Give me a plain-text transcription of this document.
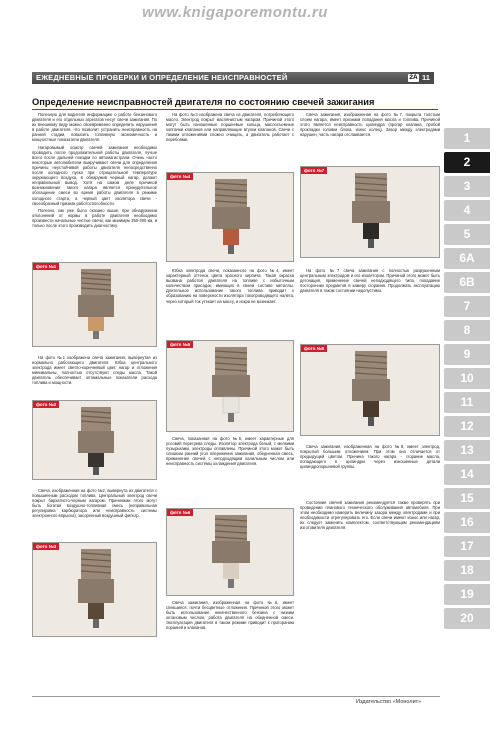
www.knigaporemontu.ru
ЕЖЕДНЕВНЫЕ ПРОВЕРКИ И ОПРЕДЕЛЕНИЕ НЕИСПРАВНОСТЕЙ	11
2A
Определение неисправностей двигателя по состоянию свечей зажигания

Полезную для водителя информацию о работе бензинового двигателя и его отдельных агрегатов несут свечи зажигания. По их внешнему виду можно своевременно определить нарушения в работе двигателя, что позволит устранить неисправность на ранней стадии, повысить топливную экономичность и мощностные показатели двигателя.

Нагаровывый осмотр свечей зажигания необходимо проводить после продолжительной работы двигателя, лучше всего после дальней поездки по автомагистрали. Очень часто некоторые автолюбители выкручивают свечи для определения причины неустойчивой работы двигателя непосредственно после холодного пуска при отрицательной температуре окружающего воздуха, в обнаружив черный нагар, делают неправильный вывод. Хотя на самом деле причиной возникновения такого нагара является принудительное обогащение смеси во время работы двигателя в режиме холодного старта, а черный цвет изолятора свечи - своеобразный признак работоспособности.

Полезно, как уже было сказано выше, при обнаружении отклонений от нормы в работе двигателя необходимо произвести начальные чистые свечи, как минимум 250-300 км, и только после этого производить диагностику.

фото №1

На фото №1 изображена свеча зажигания, вывернутая из нормально работающего двигателя. Юбка центрального электрода имеет светло-коричневый цвет, нагар и отложения минимальны, полностью отсутствуют следы масла. Такой двигатель обеспечивает оптимальные показатели расхода топлива и мощности.

фото №2

Свеча, изображенная на фото №2, вывернута из двигателя с повышенным расходом топлива. Центральный электрод свечи покрыт бархатисто-черным нагаром. Причинами этого могут быть богатая воздушно-топливная смесь (неправильная регулировка карбюратора или неисправность системы электронного впрыска), засоренный воздушный фильтр.

фото №3

На фото №3 изображена свеча из двигателя, потребляющего масло. Электрод покрыт маслянистым нагаром. Причиной этого могут быть изношенные поршневые кольца, маслосъемные колпачки клапанов или направляющие втулки клапанов. Свечи с такими отложениями сложно очищать, а двигатель работает с перебоями.

фото №4

Юбка электрода свечи, показанного на фото №4, имеет характерный оттенок цвета красного кирпича. Такая окраска вызвана работой двигателя на топливе с избыточным количеством присадок, имеющих в своем составе металлы. Длительное использование такого топлива приводит к образованию на поверхности изолятора токопроводящего налета, через который ток утекает на массу, и искра не возникает.

фото №5

Свеча, показанная на фото №5, имеет характерные для условий перегрева следы. Изолятор электрода белый, с мелкими пузырьками, электроды оплавлены. Причиной этого может быть слишком ранний угол опережения зажигания, обедненная смесь, применение свечей с неподходящим калильным числом или неисправность системы охлаждения двигателя.

фото №6

Свеча зажигания, изображенная на фото №6, имеет спекшиеся, почти бесцветные отложения. Причиной этого может быть использование некачественного бензина с низким октановым числом, работа двигателя на обедненной смеси. Эксплуатация двигателя в таком режиме приводит к прогоранию поршней и клапанов.

Свеча зажигания, изображенная на фото №7, покрыта толстым слоем нагара, имеет признаки попадания масла и топлива. Причиной этого является неисправность цилиндра (прогар клапана, пробой прокладки головки блока, износ колец). Зазор между электродами нарушен, часть нагара отслаивается.

фото №7

На фото №7 свеча зажигания с полностью разрушенным центральным электродом и его изолятором. Причиной этого может быть детонация, применение свечей неподходящего типа, попадание посторонних предметов в камеру сгорания. Продолжать эксплуатацию двигателя в таком состоянии недопустимо.

фото №8

Свеча зажигания, изображенная на фото №8, имеет электрод, покрытый большим отложением. При этом она отличается от предыдущей цветом. Причина такого нагара - сгорание масла, попадающего в цилиндры через изношенные детали цилиндропоршневой группы.

Состояние свечей зажигания рекомендуется также проверять при проведении планового технического обслуживания автомобиля. При этом необходимо измерить величину зазора между электродами и при необходимости отрегулировать его. Если свечи имеют износ или нагар, их следует заменить комплектом, соответствующим рекомендациям изготовителя двигателя.

1
2
3
4
5
6A
6B
7
8
9
10
11
12
13
14
15
16
17
18
19
20
Издательство «Монолит»
